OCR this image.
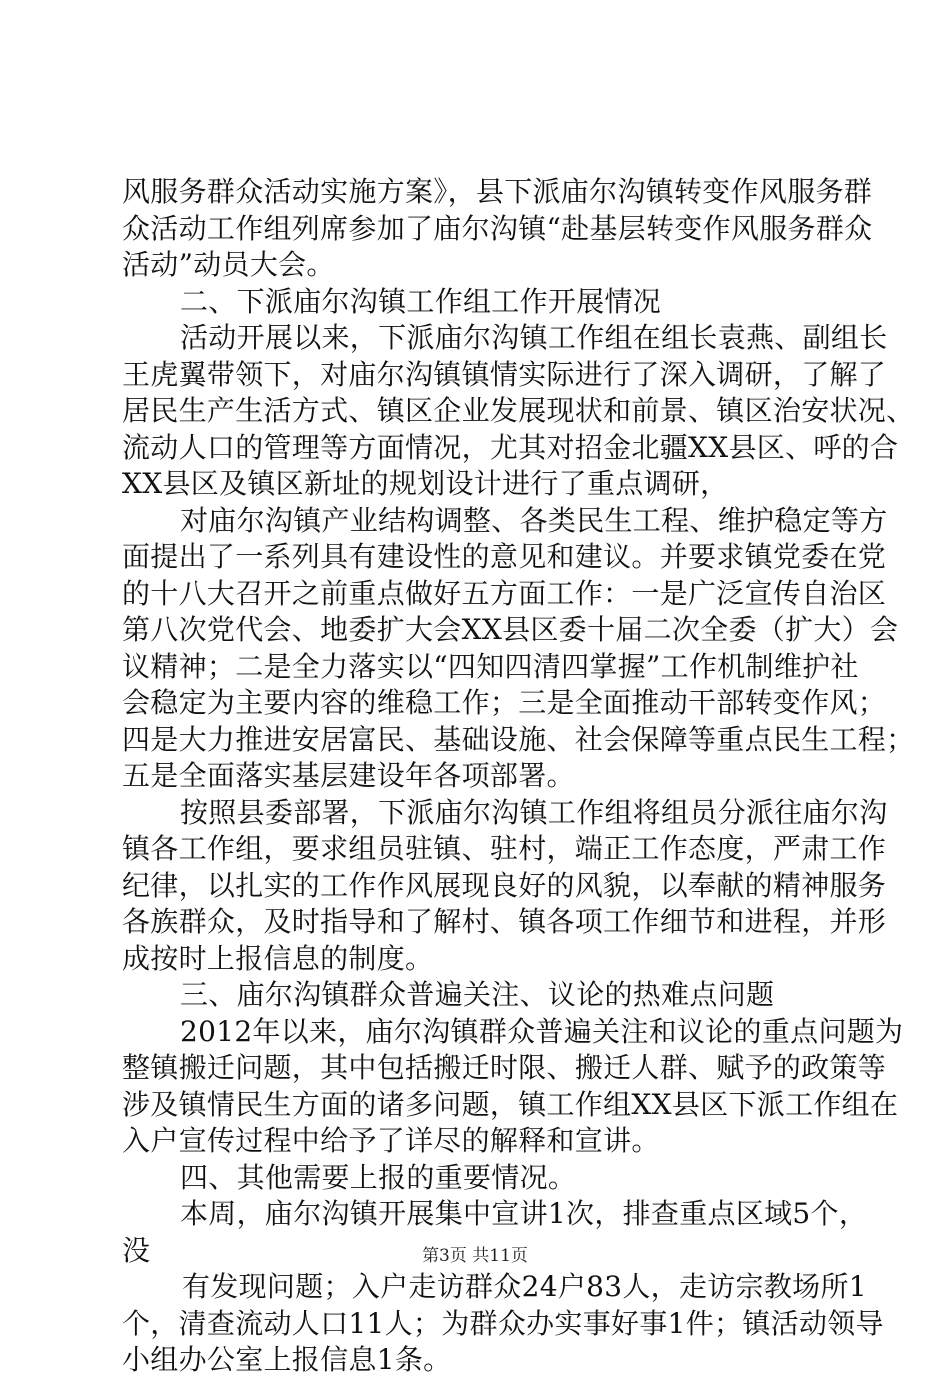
风服务群众活动实施方案》，县下派庙尔沟镇转变作风服务群
众活动工作组列席参加了庙尔沟镇“赴基层转变作风服务群众
活动”动员大会。
二、下派庙尔沟镇工作组工作开展情况
活动开展以来，下派庙尔沟镇工作组在组长袁燕、副组长
王虎翼带领下，对庙尔沟镇镇情实际进行了深入调研，了解了
居民生产生活方式、镇区企业发展现状和前景、镇区治安状况、
流动人口的管理等方面情况，尤其对招金北疆XX县区、呼的合
XX县区及镇区新址的规划设计进行了重点调研，
对庙尔沟镇产业结构调整、各类民生工程、维护稳定等方
面提出了一系列具有建设性的意见和建议。并要求镇党委在党
的十八大召开之前重点做好五方面工作：一是广泛宣传自治区
第八次党代会、地委扩大会XX县区委十届二次全委（扩大）会
议精神；二是全力落实以“四知四清四掌握”工作机制维护社
会稳定为主要内容的维稳工作；三是全面推动干部转变作风；
四是大力推进安居富民、基础设施、社会保障等重点民生工程；
五是全面落实基层建设年各项部署。
按照县委部署，下派庙尔沟镇工作组将组员分派往庙尔沟
镇各工作组，要求组员驻镇、驻村，端正工作态度，严肃工作
纪律，以扎实的工作作风展现良好的风貌，以奉献的精神服务
各族群众，及时指导和了解村、镇各项工作细节和进程，并形
成按时上报信息的制度。
三、庙尔沟镇群众普遍关注、议论的热难点问题
2012年以来，庙尔沟镇群众普遍关注和议论的重点问题为
整镇搬迁问题，其中包括搬迁时限、搬迁人群、赋予的政策等
涉及镇情民生方面的诸多问题，镇工作组XX县区下派工作组在
入户宣传过程中给予了详尽的解释和宣讲。
四、其他需要上报的重要情况。
本周，庙尔沟镇开展集中宣讲1次，排查重点区域5个，
没
有发现问题；入户走访群众24户83人，走访宗教场所1
个，清查流动人口11人；为群众办实事好事1件；镇活动领导
小组办公室上报信息1条。
第3页 共11页
